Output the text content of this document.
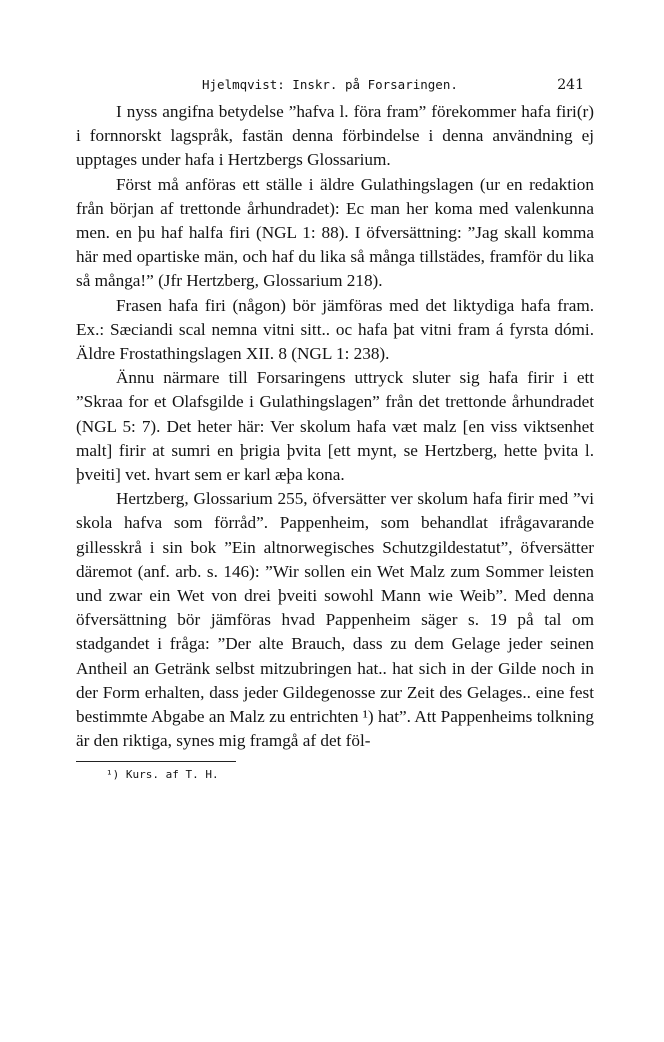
Hjelmqvist: Inskr. på Forsaringen.	241

I nyss angifna betydelse ”hafva l. föra fram” förekommer hafa firi(r) i fornnorskt lagspråk, fastän denna förbindelse i denna användning ej upptages under hafa i Hertzbergs Glossarium.

Först må anföras ett ställe i äldre Gulathingslagen (ur en redaktion från början af trettonde århundradet): Ec man her koma med valenkunna men. en þu haf halfa firi (NGL 1: 88). I öfversättning: ”Jag skall komma här med opartiske män, och haf du lika så många tillstädes, framför du lika så många!” (Jfr Hertzberg, Glossarium 218).

Frasen hafa firi (någon) bör jämföras med det liktydiga hafa fram. Ex.: Sæciandi scal nemna vitni sitt.. oc hafa þat vitni fram á fyrsta dómi. Äldre Frostathingslagen XII. 8 (NGL 1: 238).

Ännu närmare till Forsaringens uttryck sluter sig hafa firir i ett ”Skraa for et Olafsgilde i Gulathingslagen” från det trettonde århundradet (NGL 5: 7). Det heter här: Ver skolum hafa væt malz [en viss viktsenhet malt] firir at sumri en þrigia þvita [ett mynt, se Hertzberg, hette þvita l. þveiti] vet. hvart sem er karl æþa kona.

Hertzberg, Glossarium 255, öfversätter ver skolum hafa firir med ”vi skola hafva som förråd”. Pappenheim, som behandlat ifrågavarande gillesskrå i sin bok ”Ein altnorwegisches Schutzgildestatut”, öfversätter däremot (anf. arb. s. 146): ”Wir sollen ein Wet Malz zum Sommer leisten und zwar ein Wet von drei þveiti sowohl Mann wie Weib”. Med denna öfversättning bör jämföras hvad Pappenheim säger s. 19 på tal om stadgandet i fråga: ”Der alte Brauch, dass zu dem Gelage jeder seinen Antheil an Getränk selbst mitzubringen hat.. hat sich in der Gilde noch in der Form erhalten, dass jeder Gildegenosse zur Zeit des Gelages.. eine fest bestimmte Abgabe an Malz zu entrichten ¹) hat”. Att Pappenheims tolkning är den riktiga, synes mig framgå af det föl-

¹) Kurs. af T. H.
